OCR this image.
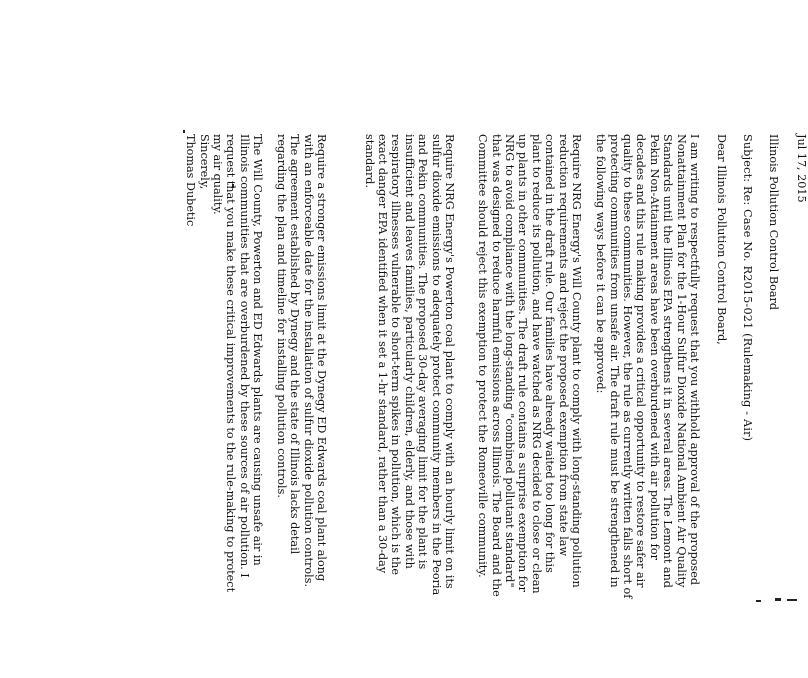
Jul 17, 2015

Illinois Pollution Control Board

Subject: Re: Case No. R2015-021 (Rulemaking - Air)

Dear Illinois Pollution Control Board,

I am writing to respectfully request that you withhold approval of the proposed Nonattainment Plan for the 1-Hour Sulfur Dioxide National Ambient Air Quality Standards until the Illinois EPA strengthens it in several areas. The Lemont and Pekin Non-Attainment areas have been overburdened with air pollution for decades and this rule making provides a critical opportunity to restore safer air quality to these communities. However, the rule as currently written falls short of protecting communities from unsafe air. The draft rule must be strengthened in the following ways before it can be approved:

Require NRG Energy's Will County plant to comply with long-standing pollution reduction requirements and reject the proposed exemption from state law contained in the draft rule. Our families have already waited too long for this plant to reduce its pollution, and have watched as NRG decided to close or clean up plants in other communities. The draft rule contains a surprise exemption for NRG to avoid compliance with the long-standing "combined pollutant standard" that was designed to reduce harmful emissions across Illinois. The Board and the Committee should reject this exemption to protect the Romeoville community.

Require NRG Energy's Powerton coal plant to comply with an hourly limit on its sulfur dioxide emissions to adequately protect community members in the Peoria and Pekin communities. The proposed 30-day averaging limit for the plant is insufficient and leaves families, particularly children, elderly, and those with respiratory illnesses vulnerable to short-term spikes in pollution, which is the exact danger EPA identified when it set a 1-hr standard, rather than a 30-day standard.

Require a stronger emissions limit at the Dynegy ED Edwards coal plant along with an enforceable date for the installation of sulfur dioxide pollution controls. The agreement established by Dynegy and the state of Illinois lacks detail regarding the plan and timeline for installing pollution controls.

The Will County, Powerton and ED Edwards plants are causing unsafe air in Illinois communities that are overburdened by these sources of air pollution. I request that you make these critical improvements to the rule-making to protect my air quality.

Sincerely,

Thomas Dubetic
